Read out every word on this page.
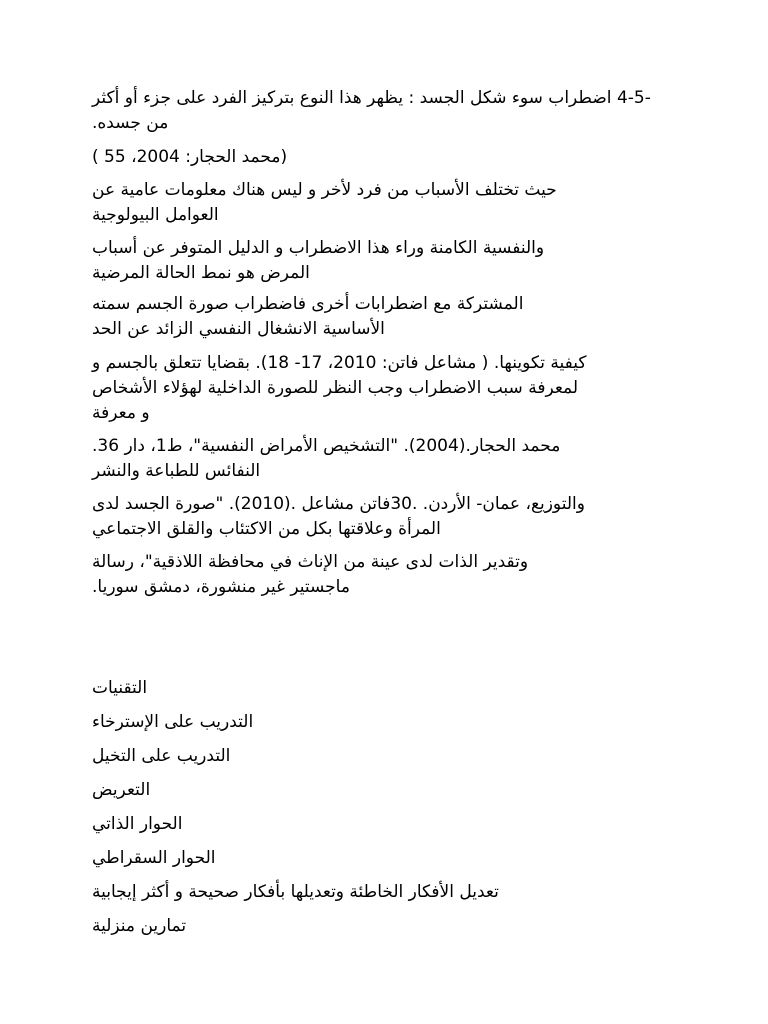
-4-5 اضطراب سوء شكل الجسد : يظهر هذا النوع بتركيز الفرد على جزء أو أكثر من جسده.

(محمد الحجار: 2004، 55 )

حيث تختلف الأسباب من فرد لأخر و ليس هناك معلومات عامية عن
العوامل البيولوجية

والنفسية الكامنة وراء هذا الاضطراب و الدليل المتوفر عن أسباب
المرض هو نمط الحالة المرضية

المشتركة مع اضطرابات أخرى فاضطراب صورة الجسم سمته
الأساسية الانشغال النفسي الزائد عن الحد

كيفية تكوينها. ( مشاعل فاتن: 2010، 17- 18). بقضايا تتعلق بالجسم و
لمعرفة سبب الاضطراب وجب النظر للصورة الداخلية لهؤلاء الأشخاص
و معرفة

محمد الحجار.(2004). "التشخيص الأمراض النفسية"، ط1، دار 36.
النفائس للطباعة والنشر

والتوزيع، عمان- الأردن. .30فاتن مشاعل .(2010). "صورة الجسد لدى
المرأة وعلاقتها بكل من الاكتئاب والقلق الاجتماعي

وتقدير الذات لدى عينة من الإناث في محافظة اللاذقية"، رسالة
ماجستير غير منشورة، دمشق سوريا.

التقنيات

التدريب على الإسترخاء

التدريب على التخيل

التعريض

الحوار الذاتي

الحوار السقراطي

تعديل الأفكار الخاطئة وتعديلها بأفكار صحيحة و أكثر إيجابية

تمارين منزلية
